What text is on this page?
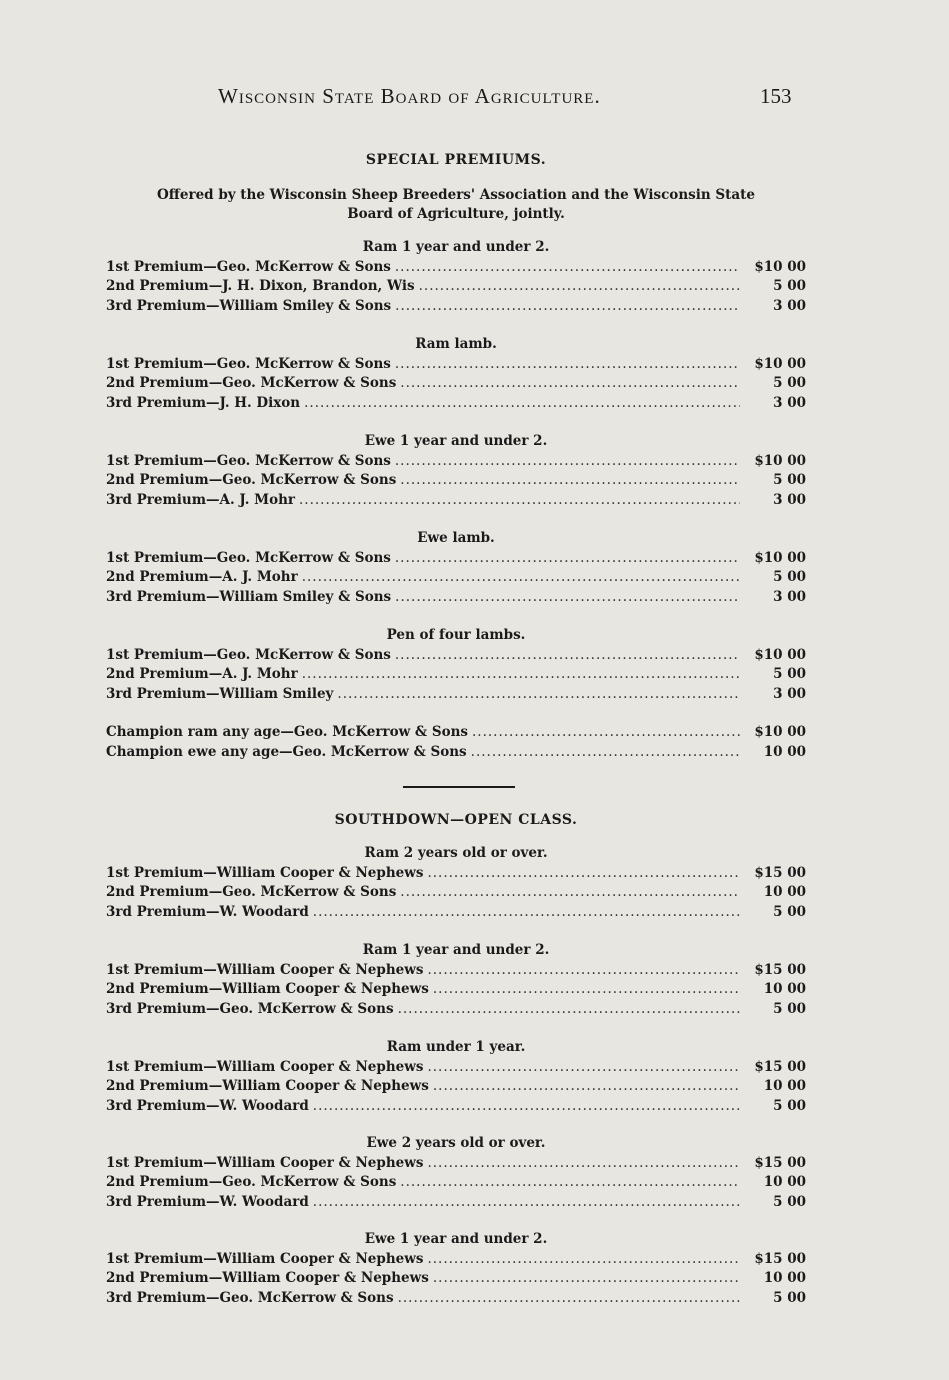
Wisconsin State Board of Agriculture.	153
SPECIAL PREMIUMS.
Offered by the Wisconsin Sheep Breeders' Association and the Wisconsin State
Board of Agriculture, jointly.
Ram 1 year and under 2.
1st Premium—Geo. McKerrow & Sons .....	$10 00
2nd Premium—J. H. Dixon, Brandon, Wis .....	5 00
3rd Premium—William Smiley & Sons .....	3 00
Ram lamb.
1st Premium—Geo. McKerrow & Sons .....	$10 00
2nd Premium—Geo. McKerrow & Sons .....	5 00
3rd Premium—J. H. Dixon .....	3 00
Ewe 1 year and under 2.
1st Premium—Geo. McKerrow & Sons .....	$10 00
2nd Premium—Geo. McKerrow & Sons .....	5 00
3rd Premium—A. J. Mohr .....	3 00
Ewe lamb.
1st Premium—Geo. McKerrow & Sons .....	$10 00
2nd Premium—A. J. Mohr .....	5 00
3rd Premium—William Smiley & Sons .....	3 00
Pen of four lambs.
1st Premium—Geo. McKerrow & Sons .....	$10 00
2nd Premium—A. J. Mohr .....	5 00
3rd Premium—William Smiley .....	3 00
Champion ram any age—Geo. McKerrow & Sons .....	$10 00
Champion ewe any age—Geo. McKerrow & Sons .....	10 00
SOUTHDOWN—OPEN CLASS.
Ram 2 years old or over.
1st Premium—William Cooper & Nephews .....	$15 00
2nd Premium—Geo. McKerrow & Sons .....	10 00
3rd Premium—W. Woodard .....	5 00
Ram 1 year and under 2.
1st Premium—William Cooper & Nephews .....	$15 00
2nd Premium—William Cooper & Nephews .....	10 00
3rd Premium—Geo. McKerrow & Sons .....	5 00
Ram under 1 year.
1st Premium—William Cooper & Nephews .....	$15 00
2nd Premium—William Cooper & Nephews .....	10 00
3rd Premium—W. Woodard .....	5 00
Ewe 2 years old or over.
1st Premium—William Cooper & Nephews .....	$15 00
2nd Premium—Geo. McKerrow & Sons .....	10 00
3rd Premium—W. Woodard .....	5 00
Ewe 1 year and under 2.
1st Premium—William Cooper & Nephews .....	$15 00
2nd Premium—William Cooper & Nephews .....	10 00
3rd Premium—Geo. McKerrow & Sons .....	5 00
